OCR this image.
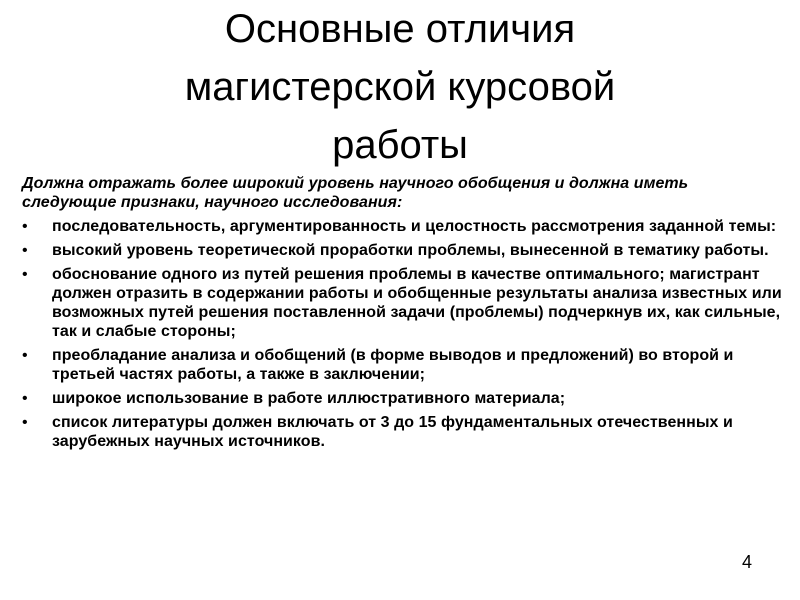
Основные отличия
магистерской курсовой
работы

Должна отражать более широкий уровень научного обобщения и должна иметь следующие признаки, научного исследования:

• последовательность, аргументированность и целостность рассмотрения заданной темы:
• высокий уровень теоретической проработки проблемы, вынесенной в тематику работы.
• обоснование одного из путей решения проблемы в качестве оптимального; магистрант должен отразить в содержании работы и обобщенные результаты анализа известных или возможных путей решения поставленной задачи (проблемы) подчеркнув их, как сильные, так и слабые стороны;
• преобладание анализа и обобщений (в форме выводов и предложений) во второй и третьей частях работы, а также в заключении;
• широкое использование в работе иллюстративного материала;
• список литературы должен включать от 3 до 15 фундаментальных отечественных и зарубежных научных источников.
4
